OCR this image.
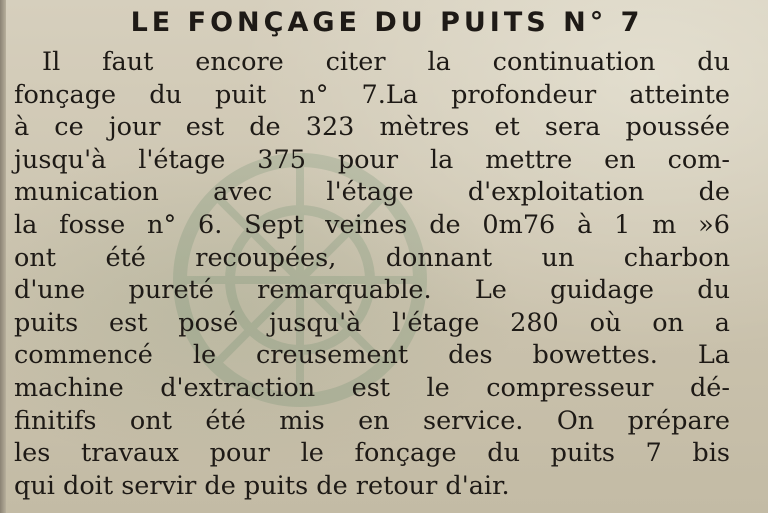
LE FONÇAGE DU PUITS N° 7
Il faut encore citer la continuation du
fonçage du puit n° 7.La profondeur atteinte
à ce jour est de 323 mètres et sera poussée
jusqu'à l'étage 375 pour la mettre en com-
munication avec l'étage d'exploitation de
la fosse n° 6. Sept veines de 0m76 à 1 m »6
ont été recoupées, donnant un charbon
d'une pureté remarquable. Le guidage du
puits est posé jusqu'à l'étage 280 où on a
commencé le creusement des bowettes. La
machine d'extraction est le compresseur dé-
finitifs ont été mis en service. On prépare
les travaux pour le fonçage du puits 7 bis
qui doit servir de puits de retour d'air.
